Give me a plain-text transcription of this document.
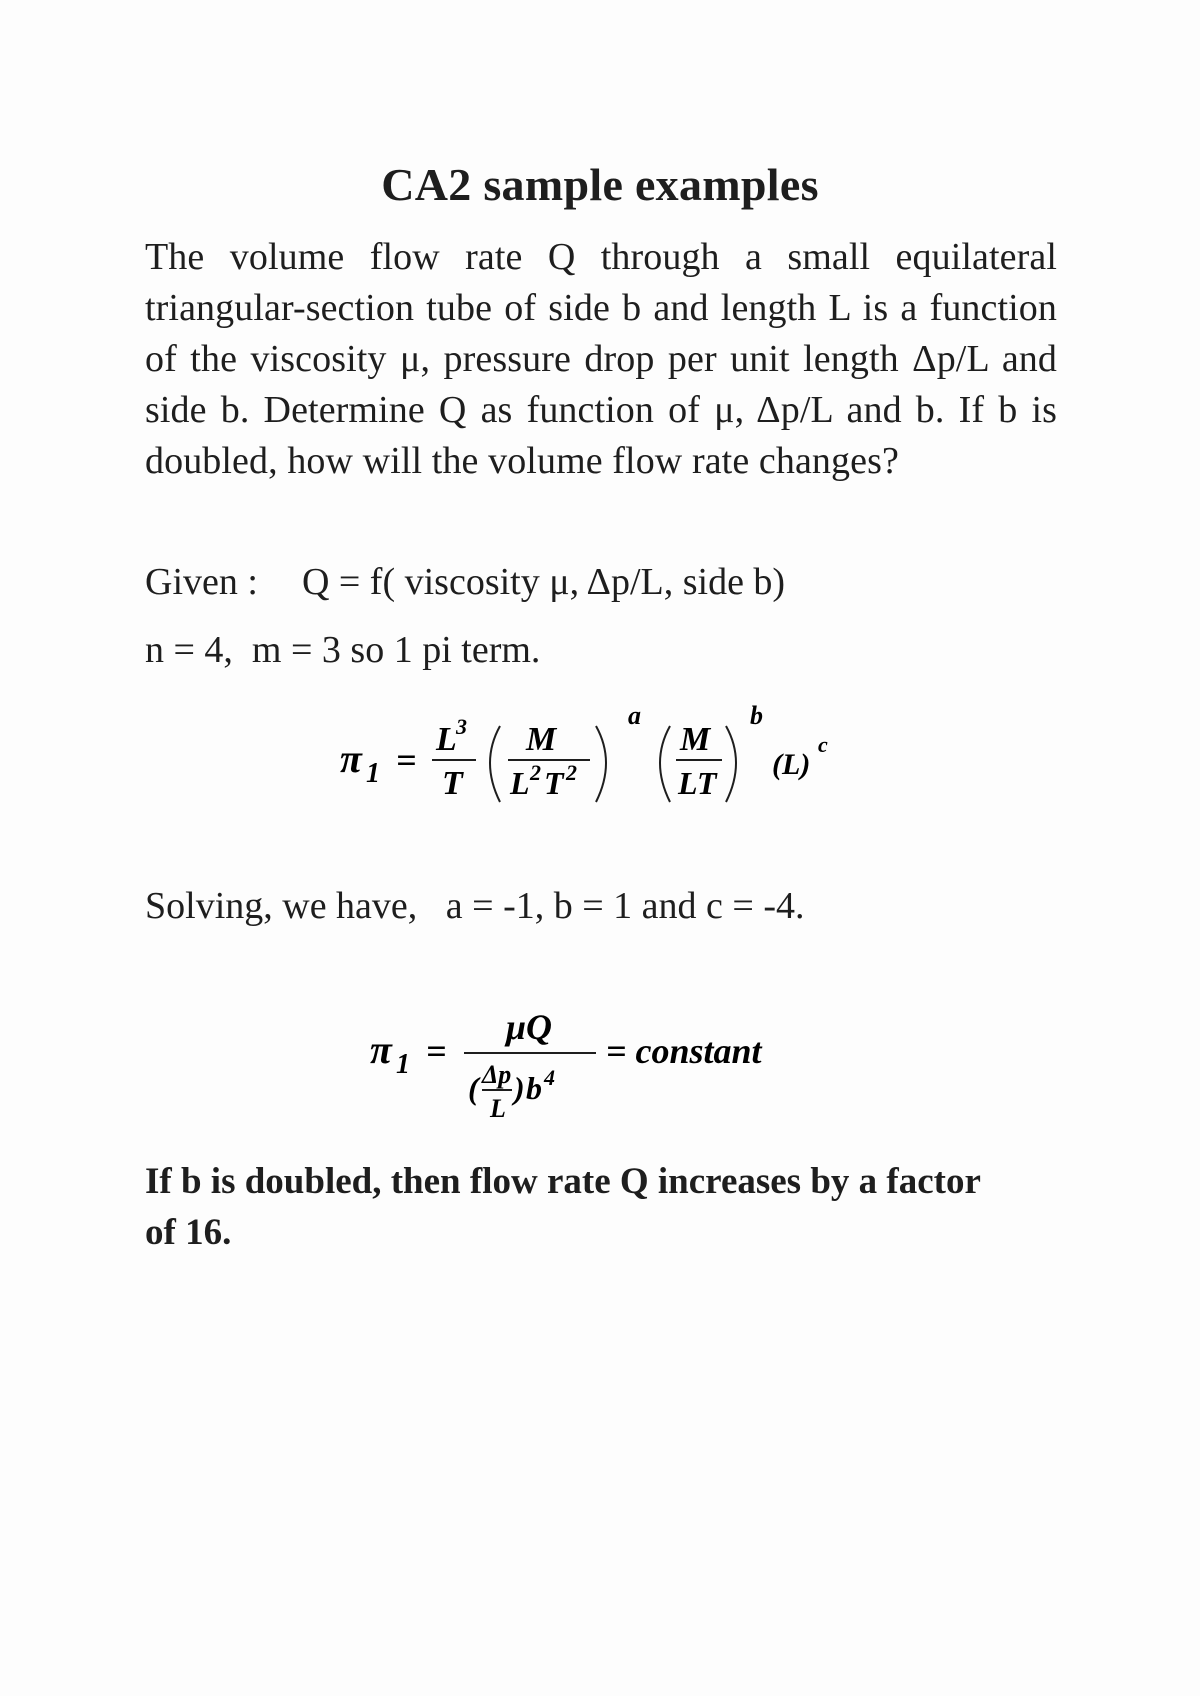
CA2 sample examples
The volume flow rate Q through a small equilateral triangular-section tube of side b and length L is a function of the viscosity μ, pressure drop per unit length Δp/L and side b. Determine Q as function of μ, Δp/L and b. If b is doubled, how will the volume flow rate changes?
Given : Q = f( viscosity μ, Δp/L, side b)
n = 4,  m = 3 so 1 pi term.
π 1 =
L 3
T
M
L 2 T 2
a
M
LT
b
(L)
c
Solving, we have, a = -1, b = 1 and c = -4.
π 1 =
μQ
( Δp
L
) b 4
= constant
If b is doubled, then flow rate Q increases by a factor of 16.
